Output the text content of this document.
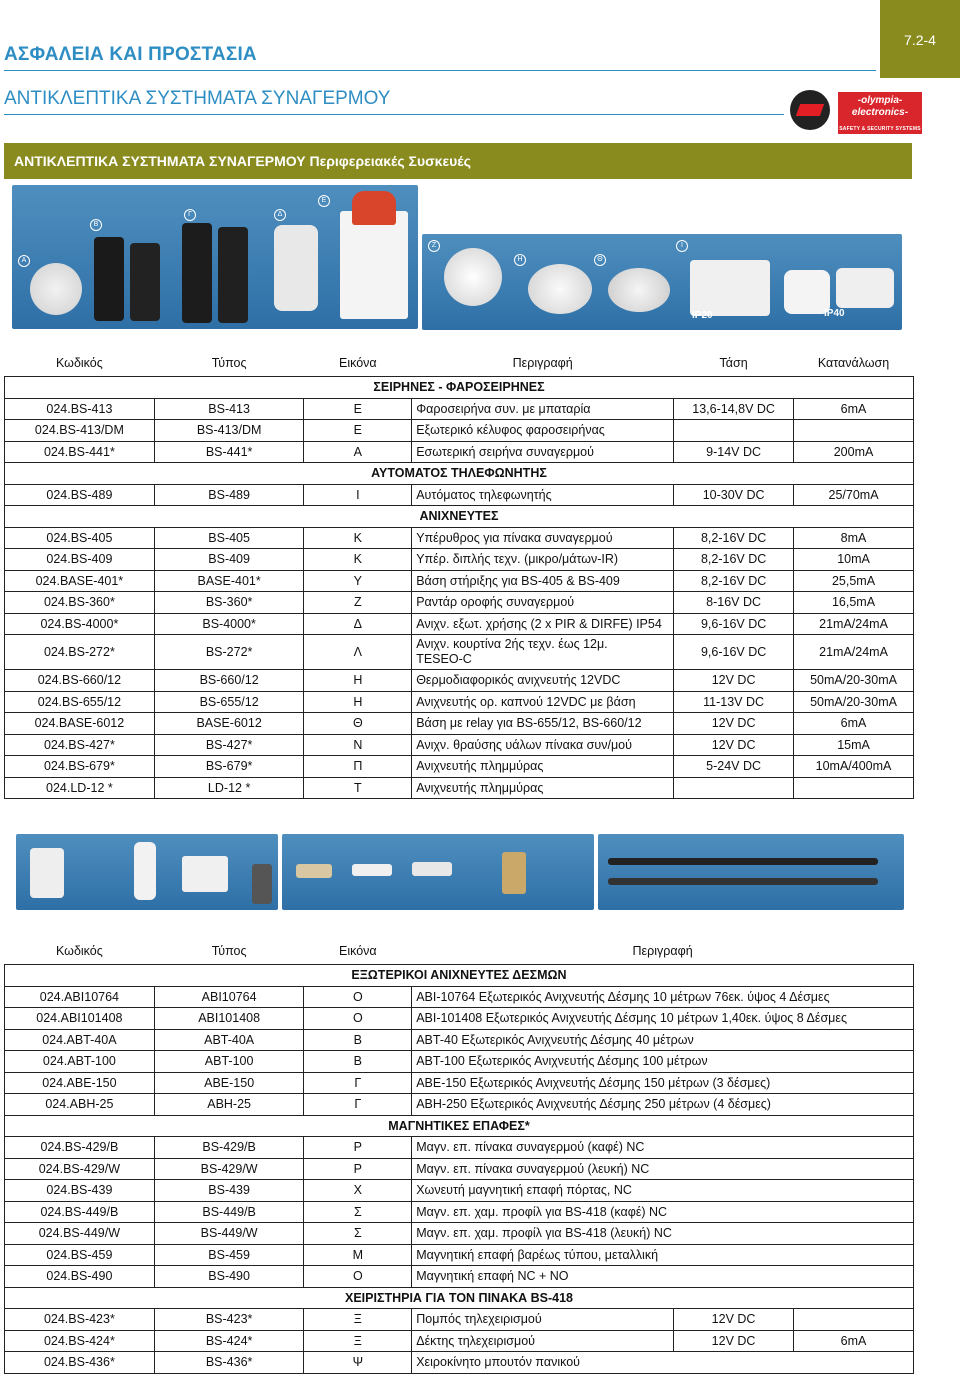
7.2-4
ΑΣΦΑΛΕΙΑ ΚΑΙ ΠΡΟΣΤΑΣΙΑ
ΑΝΤΙΚΛΕΠΤΙΚΑ ΣΥΣΤΗΜΑΤΑ ΣΥΝΑΓΕΡΜΟΥ	-olympia-
electronics-
SAFETY & SECURITY SYSTEMS
ΑΝΤΙΚΛΕΠΤΙΚΑ ΣΥΣΤΗΜΑΤΑ ΣΥΝΑΓΕΡΜΟΥ Περιφερειακές Συσκευές
Α
Β
Γ	Δ
Ε
Ζ
Η	Θ
Ι
IP20	IP40
Κωδικός	Τύπος	Εικόνα	Περιγραφή	Τάση	Κατανάλωση
ΣΕΙΡΗΝΕΣ - ΦΑΡΟΣΕΙΡΗΝΕΣ					
024.BS-413	BS-413	Ε	Φαροσειρήνα συν. με μπαταρία	13,6-14,8V DC	6mA
024.BS-413/DM	BS-413/DM	Ε	Εξωτερικό κέλυφος φαροσειρήνας		
024.BS-441*	BS-441*	Α	Εσωτερική σειρήνα συναγερμού	9-14V DC	200mA
ΑΥΤΟΜΑΤΟΣ ΤΗΛΕΦΩΝΗΤΗΣ					
024.BS-489	BS-489	Ι	Αυτόματος τηλεφωνητής	10-30V DC	25/70mA
ΑΝΙΧΝΕΥΤΕΣ					
024.BS-405	BS-405	Κ	Υπέρυθρος για πίνακα συναγερμού	8,2-16V DC	8mA
024.BS-409	BS-409	Κ	Υπέρ. διπλής τεχν. (μικρο/μάτων-IR)	8,2-16V DC	10mA
024.BASE-401*	BASE-401*	Υ	Βάση στήριξης για BS-405 & BS-409	8,2-16V DC	25,5mA
024.BS-360*	BS-360*	Ζ	Ραντάρ οροφής συναγερμού	8-16V DC	16,5mA
024.BS-4000*	BS-4000*	Δ	Ανιχν. εξωτ. χρήσης (2 x PIR & DIRFE) IP54	9,6-16V DC	21mA/24mA
024.BS-272*	BS-272*	Λ	Ανιχν. κουρτίνα 2ής τεχν. έως 12μ.
TESEO-C	9,6-16V DC	21mA/24mA
024.BS-660/12	BS-660/12	Η	Θερμοδιαφορικός ανιχνευτής 12VDC	12V DC	50mA/20-30mA
024.BS-655/12	BS-655/12	Η	Ανιχνευτής ορ. καπνού 12VDC με βάση	11-13V DC	50mA/20-30mA
024.BASE-6012	BASE-6012	Θ	Βάση με relay για BS-655/12, BS-660/12	12V DC	6mA
024.BS-427*	BS-427*	Ν	Ανιχν. θραύσης υάλων πίνακα συν/μού	12V DC	15mA
024.BS-679*	BS-679*	Π	Ανιχνευτής πλημμύρας	5-24V DC	10mA/400mA
024.LD-12 *	LD-12 *	Τ	Ανιχνευτής πλημμύρας		
Κωδικός	Τύπος	Εικόνα	Περιγραφή		
ΕΞΩΤΕΡΙΚΟΙ ΑΝΙΧΝΕΥΤΕΣ ΔΕΣΜΩΝ					
024.ABI10764	ABI10764	Ο	ABI-10764 Εξωτερικός Ανιχνευτής Δέσμης 10 μέτρων 76εκ. ύψος 4 Δέσμες		
024.ABI101408	ABI101408	Ο	ABI-101408 Εξωτερικός Ανιχνευτής Δέσμης 10 μέτρων 1,40εκ. ύψος 8 Δέσμες		
024.ABT-40A	ABT-40A	Β	ABT-40 Εξωτερικός Ανιχνευτής Δέσμης 40 μέτρων		
024.ABT-100	ABT-100	Β	ABT-100 Εξωτερικός Ανιχνευτής Δέσμης 100 μέτρων		
024.ABE-150	ABE-150	Γ	ABE-150 Εξωτερικός Ανιχνευτής Δέσμης 150 μέτρων (3 δέσμες)		
024.ABH-25	ABH-25	Γ	ABH-250 Εξωτερικός Ανιχνευτής Δέσμης 250 μέτρων (4 δέσμες)		
ΜΑΓΝΗΤΙΚΕΣ ΕΠΑΦΕΣ*					
024.BS-429/B	BS-429/B	Ρ	Μαγν. επ. πίνακα συναγερμού (καφέ) NC		
024.BS-429/W	BS-429/W	Ρ	Μαγν. επ. πίνακα συναγερμού (λευκή) NC		
024.BS-439	BS-439	Χ	Χωνευτή μαγνητική επαφή πόρτας, NC		
024.BS-449/B	BS-449/B	Σ	Μαγν. επ. χαμ. προφίλ για BS-418 (καφέ) NC		
024.BS-449/W	BS-449/W	Σ	Μαγν. επ. χαμ. προφίλ για BS-418 (λευκή) NC		
024.BS-459	BS-459	Μ	Μαγνητική επαφή βαρέως τύπου, μεταλλική		
024.BS-490	BS-490	Ο	Μαγνητική επαφή NC + NO		
ΧΕΙΡΙΣΤΗΡΙΑ ΓΙΑ ΤΟΝ ΠΙΝΑΚΑ BS-418					
024.BS-423*	BS-423*	Ξ	Πομπός τηλεχειρισμού	12V DC	
024.BS-424*	BS-424*	Ξ	Δέκτης τηλεχειρισμού	12V DC	6mA
024.BS-436*	BS-436*	Ψ	Χειροκίνητο μπουτόν πανικού		
